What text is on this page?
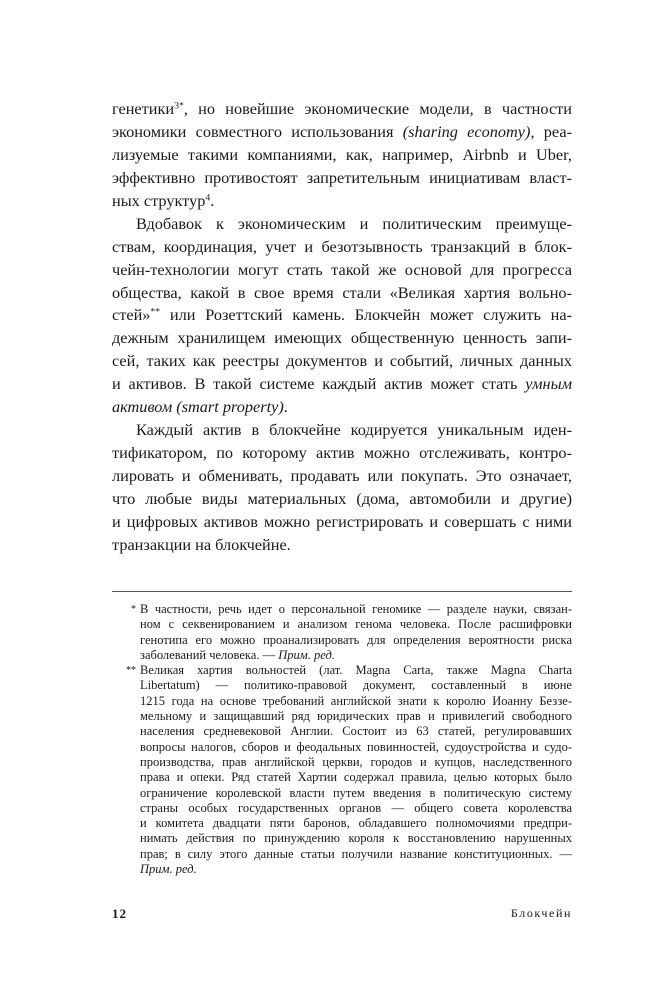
генетики$^{3*}$, но новейшие экономические модели, в частности
экономики совместного использования (sharing economy), реа-
лизуемые такими компаниями, как, например, Airbnb и Uber,
эффективно противостоят запретительным инициативам власт-
ных структур$^4$.
Вдобавок к экономическим и политическим преимуще-
ствам, координация, учет и безотзывность транзакций в блок-
чейн-технологии могут стать такой же основой для прогресса
общества, какой в свое время стали «Великая хартия вольно-
стей»** или Розеттский камень. Блокчейн может служить на-
дежным хранилищем имеющих общественную ценность запи-
сей, таких как реестры документов и событий, личных данных
и активов. В такой системе каждый актив может стать умным
активом (smart property).
Каждый актив в блокчейне кодируется уникальным иден-
тификатором, по которому актив можно отслеживать, контро-
лировать и обменивать, продавать или покупать. Это означает,
что любые виды материальных (дома, автомобили и другие)
и цифровых активов можно регистрировать и совершать с ними
транзакции на блокчейне.
* В частности, речь идет о персональной геномике — разделе науки, связан-
ном с секвенированием и анализом генома человека. После расшифровки
генотипа его можно проанализировать для определения вероятности риска
заболеваний человека. — Прим. ред.
** Великая хартия вольностей (лат. Magna Carta, также Magna Charta
Libertatum) — политико-правовой документ, составленный в июне
1215 года на основе требований английской знати к королю Иоанну Беззе-
мельному и защищавший ряд юридических прав и привилегий свободного
населения средневековой Англии. Состоит из 63 статей, регулировавших
вопросы налогов, сборов и феодальных повинностей, судоустройства и судо-
производства, прав английской церкви, городов и купцов, наследственного
права и опеки. Ряд статей Хартии содержал правила, целью которых было
ограничение королевской власти путем введения в политическую систему
страны особых государственных органов — общего совета королевства
и комитета двадцати пяти баронов, обладавшего полномочиями предпри-
нимать действия по принуждению короля к восстановлению нарушенных
прав; в силу этого данные статьи получили название конституционных. —
Прим. ред.
12	Блокчейн
